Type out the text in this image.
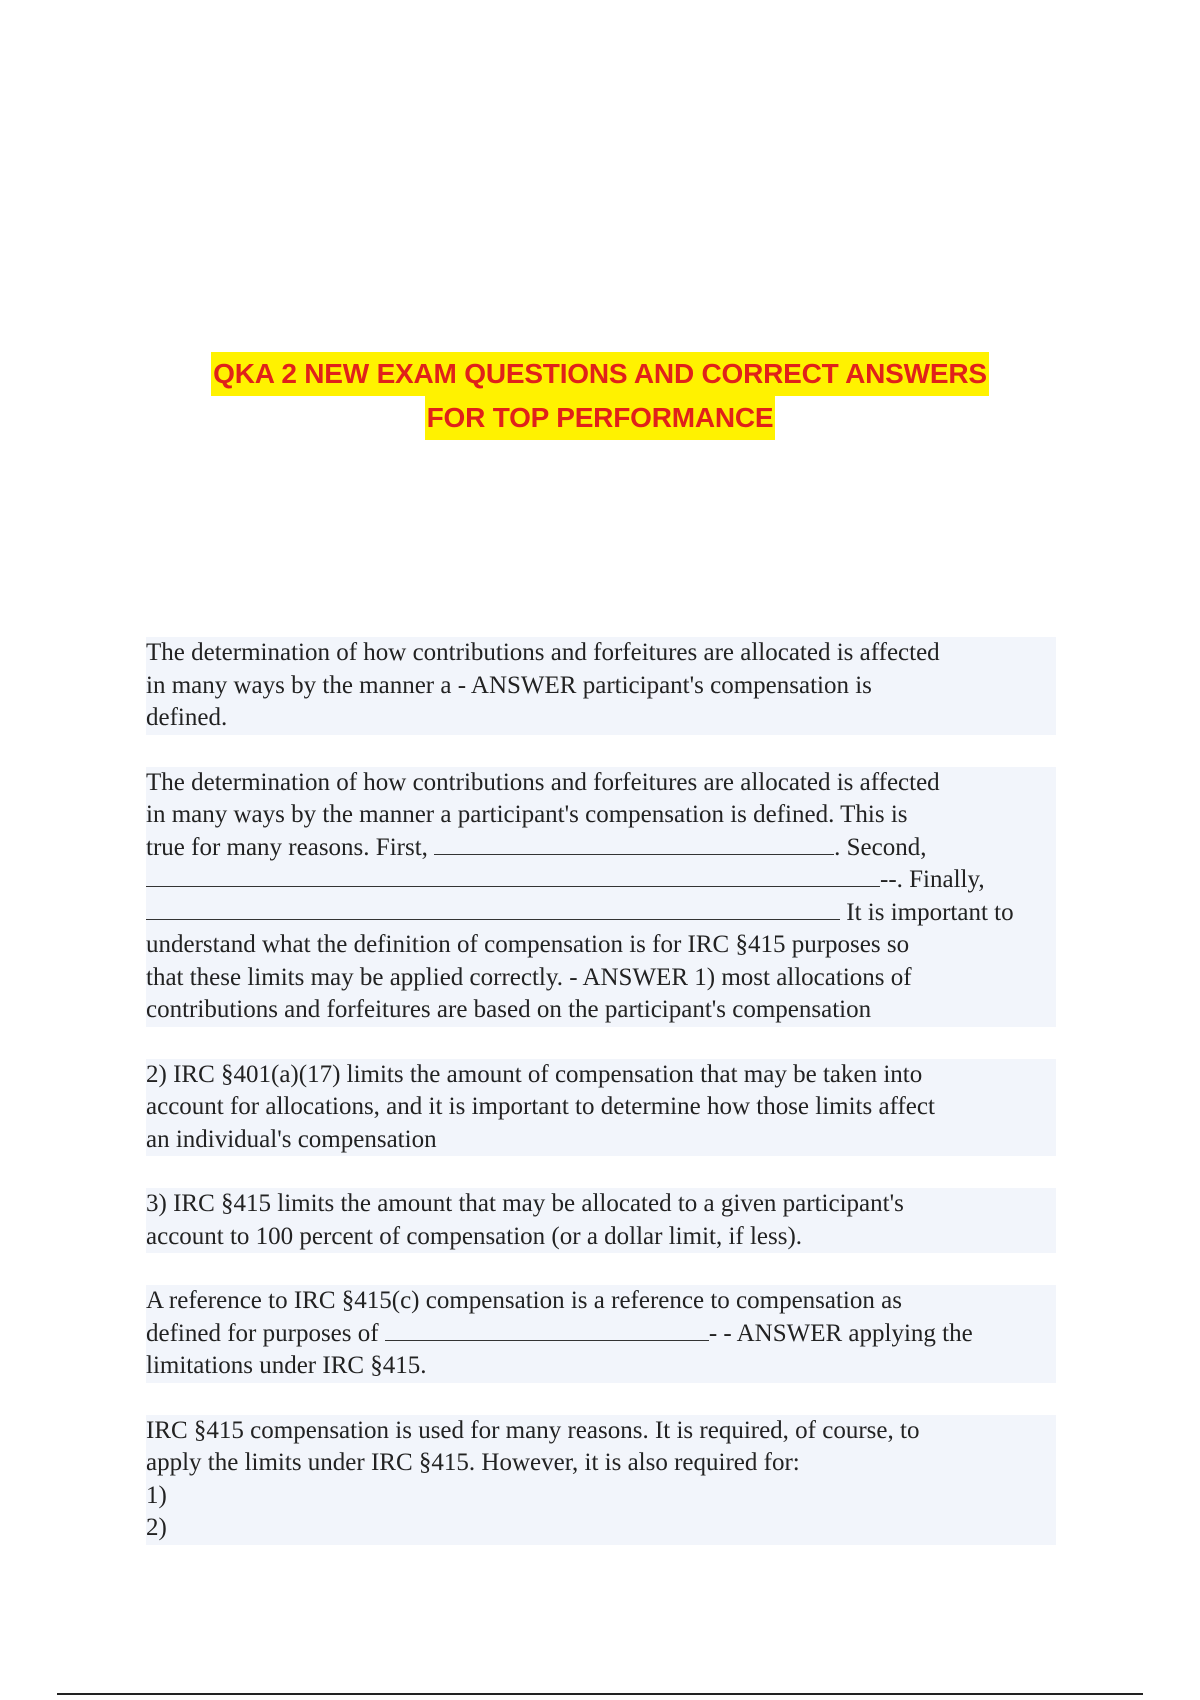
QKA 2 NEW EXAM QUESTIONS AND CORRECT ANSWERS
FOR TOP PERFORMANCE
The determination of how contributions and forfeitures are allocated is affected
in many ways by the manner a - ANSWER participant's compensation is
defined.
The determination of how contributions and forfeitures are allocated is affected
in many ways by the manner a participant's compensation is defined. This is
true for many reasons. First,	. Second,
--. Finally,
It is important to
understand what the definition of compensation is for IRC §415 purposes so
that these limits may be applied correctly. - ANSWER 1) most allocations of
contributions and forfeitures are based on the participant's compensation
2) IRC §401(a)(17) limits the amount of compensation that may be taken into
account for allocations, and it is important to determine how those limits affect
an individual's compensation
3) IRC §415 limits the amount that may be allocated to a given participant's
account to 100 percent of compensation (or a dollar limit, if less).
A reference to IRC §415(c) compensation is a reference to compensation as
defined for purposes of	- - ANSWER applying the
limitations under IRC §415.
IRC §415 compensation is used for many reasons. It is required, of course, to
apply the limits under IRC §415. However, it is also required for:
1)
2)
